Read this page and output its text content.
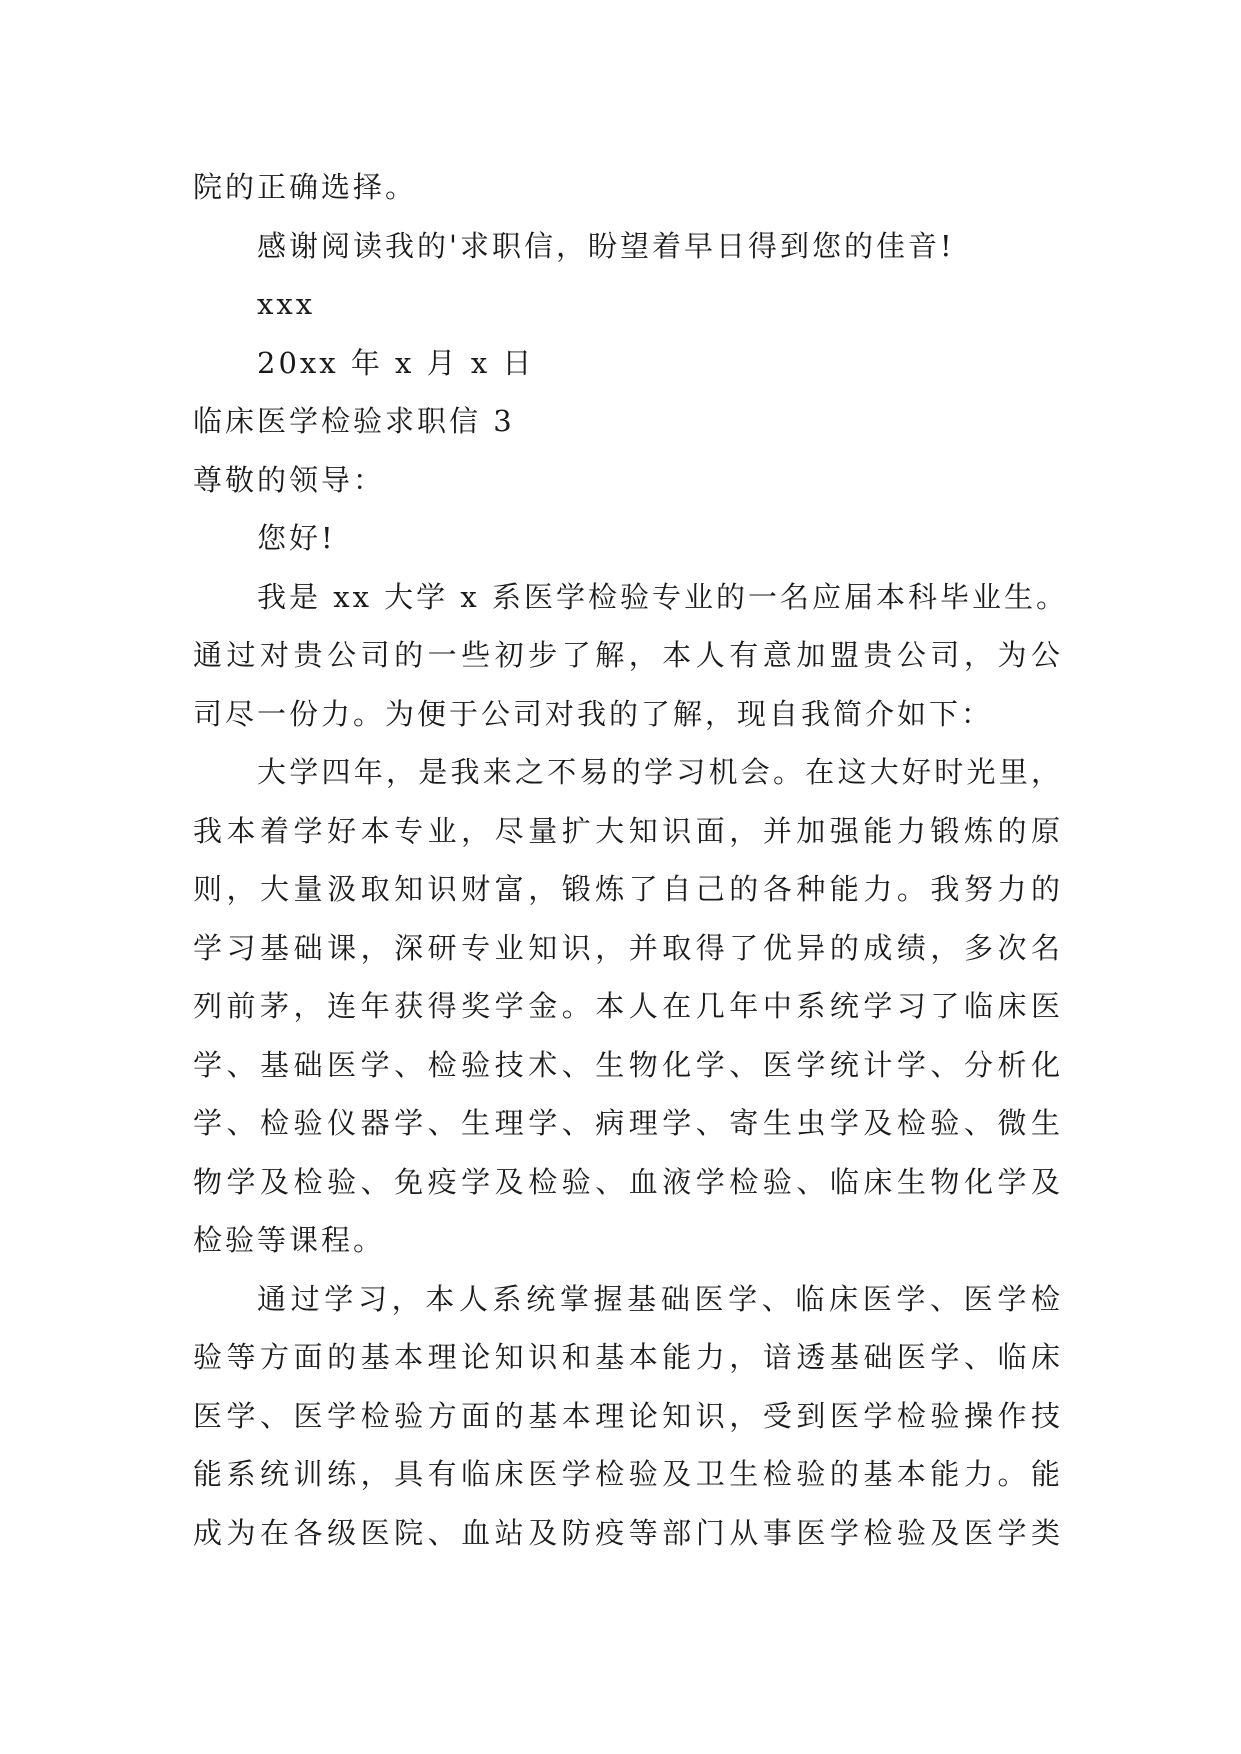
院的正确选择。
感谢阅读我的'求职信，盼望着早日得到您的佳音!
xxx
20xx 年 x 月 x 日
临床医学检验求职信 3
尊敬的领导：
您好!
我是 xx 大学 x 系医学检验专业的一名应届本科毕业生。
通过对贵公司的一些初步了解，本人有意加盟贵公司，为公
司尽一份力。为便于公司对我的了解，现自我简介如下：
大学四年，是我来之不易的学习机会。在这大好时光里，
我本着学好本专业，尽量扩大知识面，并加强能力锻炼的原
则，大量汲取知识财富，锻炼了自己的各种能力。我努力的
学习基础课，深研专业知识，并取得了优异的成绩，多次名
列前茅，连年获得奖学金。本人在几年中系统学习了临床医
学、基础医学、检验技术、生物化学、医学统计学、分析化
学、检验仪器学、生理学、病理学、寄生虫学及检验、微生
物学及检验、免疫学及检验、血液学检验、临床生物化学及
检验等课程。
通过学习，本人系统掌握基础医学、临床医学、医学检
验等方面的基本理论知识和基本能力，谙透基础医学、临床
医学、医学检验方面的基本理论知识，受到医学检验操作技
能系统训练，具有临床医学检验及卫生检验的基本能力。能
成为在各级医院、血站及防疫等部门从事医学检验及医学类
